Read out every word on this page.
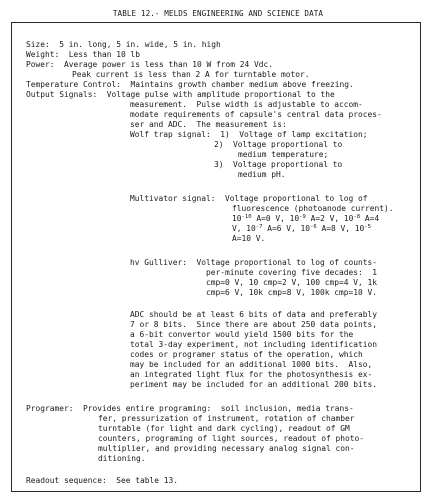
TABLE 12.- MELDS ENGINEERING AND SCIENCE DATA
Size:  5 in. long, 5 in. wide, 5 in. high
Weight:  Less than 10 lb
Power:  Average power is less than 10 W from 24 Vdc.
Peak current is less than 2 A for turntable motor.
Temperature Control:  Maintains growth chamber medium above freezing.
Output Signals:  Voltage pulse with amplitude proportional to the
measurement.  Pulse width is adjustable to accom-
modate requirements of capsule's central data proces-
ser and ADC.  The measurement is:
Wolf trap signal:  1)  Voltage of lamp excitation;
2)  Voltage proportional to
medium temperature;
3)  Voltage proportional to
medium pH.
Multivator signal:  Voltage proportional to log of
fluorescence (photoanode current).
$10^{-10}$ A=0 V, $10^{-9}$ A=2 V, $10^{-8}$ A=4
V, $10^{-7}$ A=6 V, $10^{-6}$ A=8 V, $10^{-5}$
A=10 V.
hv Gulliver:  Voltage proportional to log of counts-
per-minute covering five decades:  1
cmp=0 V, 10 cmp=2 V, 100 cmp=4 V, 1k
cmp=6 V, 10k cmp=8 V, 100k cmp=10 V.
ADC should be at least 6 bits of data and preferably
7 or 8 bits.  Since there are about 250 data points,
a 6-bit convertor would yield 1500 bits for the
total 3-day experiment, not including identification
codes or programer status of the operation, which
may be included for an additional 1000 bits.  Also,
an integrated light flux for the photosynthesis ex-
periment may be included for an additional 200 bits.
Programer:  Provides entire programing:  soil inclusion, media trans-
fer, pressurization of instrument, rotation of chamber
turntable (for light and dark cycling), readout of GM
counters, programing of light sources, readout of photo-
multiplier, and providing necessary analog signal con-
ditioning.
Readout sequence:  See table 13.
